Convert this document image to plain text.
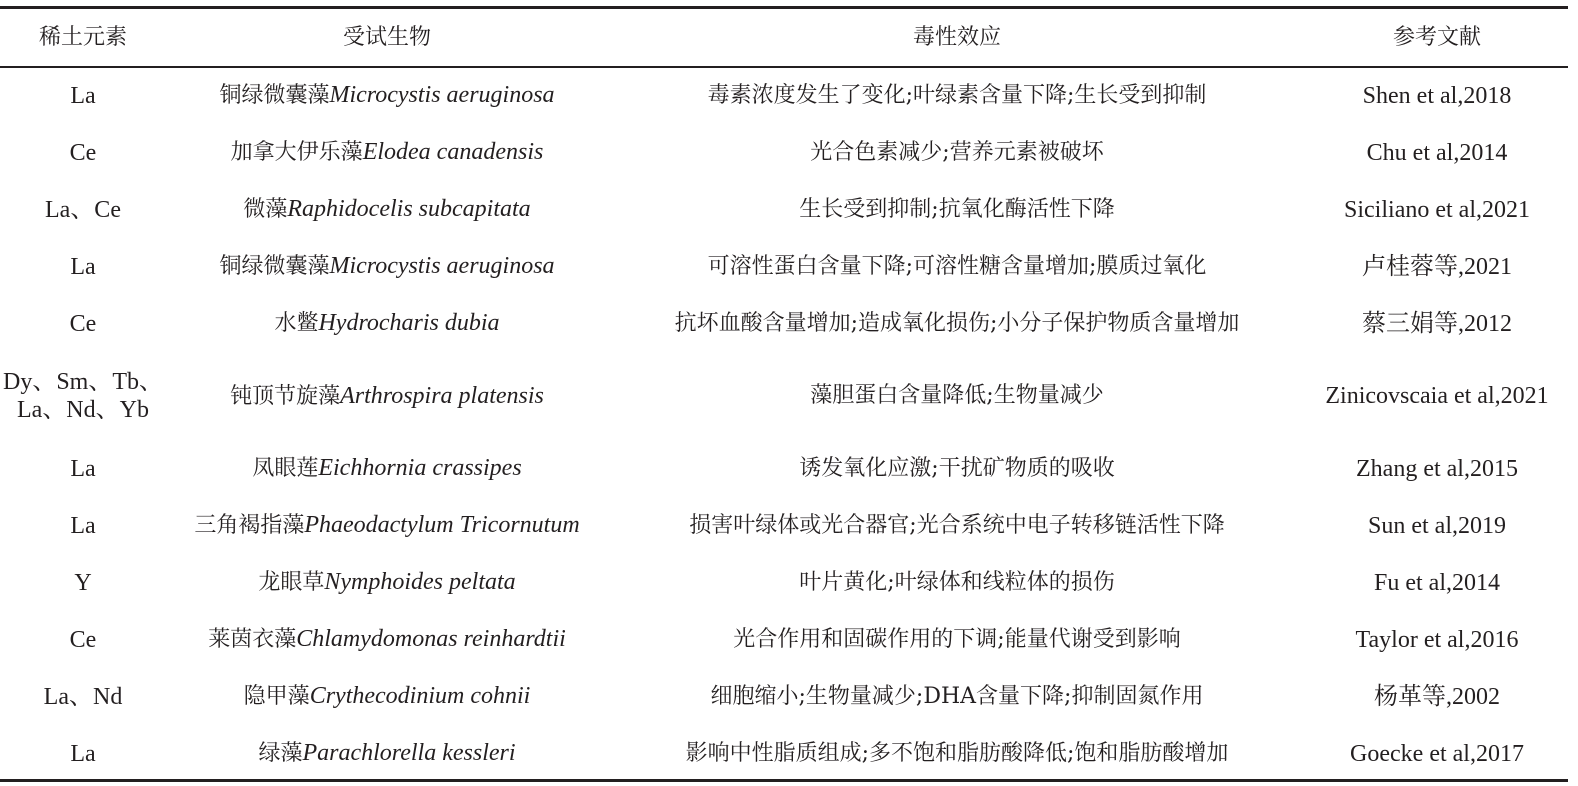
稀土元素	受试生物	毒性效应	参考文献
La	铜绿微囊藻Microcystis aeruginosa	毒素浓度发生了变化;叶绿素含量下降;生长受到抑制	Shen et al,2018
Ce	加拿大伊乐藻Elodea canadensis	光合色素减少;营养元素被破坏	Chu et al,2014
La、Ce	微藻Raphidocelis subcapitata	生长受到抑制;抗氧化酶活性下降	Siciliano et al,2021
La	铜绿微囊藻Microcystis aeruginosa	可溶性蛋白含量下降;可溶性糖含量增加;膜质过氧化	卢桂蓉等,2021
Ce	水鳖Hydrocharis dubia	抗坏血酸含量增加;造成氧化损伤;小分子保护物质含量增加	蔡三娟等,2012

Dy、Sm、Tb、
La、Nd、Yb	钝顶节旋藻Arthrospira platensis	藻胆蛋白含量降低;生物量减少	Zinicovscaia et al,2021
La	凤眼莲Eichhornia crassipes	诱发氧化应激;干扰矿物质的吸收	Zhang et al,2015
La	三角褐指藻Phaeodactylum Tricornutum	损害叶绿体或光合器官;光合系统中电子转移链活性下降	Sun et al,2019
Y	龙眼草Nymphoides peltata	叶片黄化;叶绿体和线粒体的损伤	Fu et al,2014
Ce	莱茵衣藻Chlamydomonas reinhardtii	光合作用和固碳作用的下调;能量代谢受到影响	Taylor et al,2016
La、Nd	隐甲藻Crythecodinium cohnii	细胞缩小;生物量减少;DHA含量下降;抑制固氮作用	杨革等,2002
La	绿藻Parachlorella kessleri	影响中性脂质组成;多不饱和脂肪酸降低;饱和脂肪酸增加	Goecke et al,2017
